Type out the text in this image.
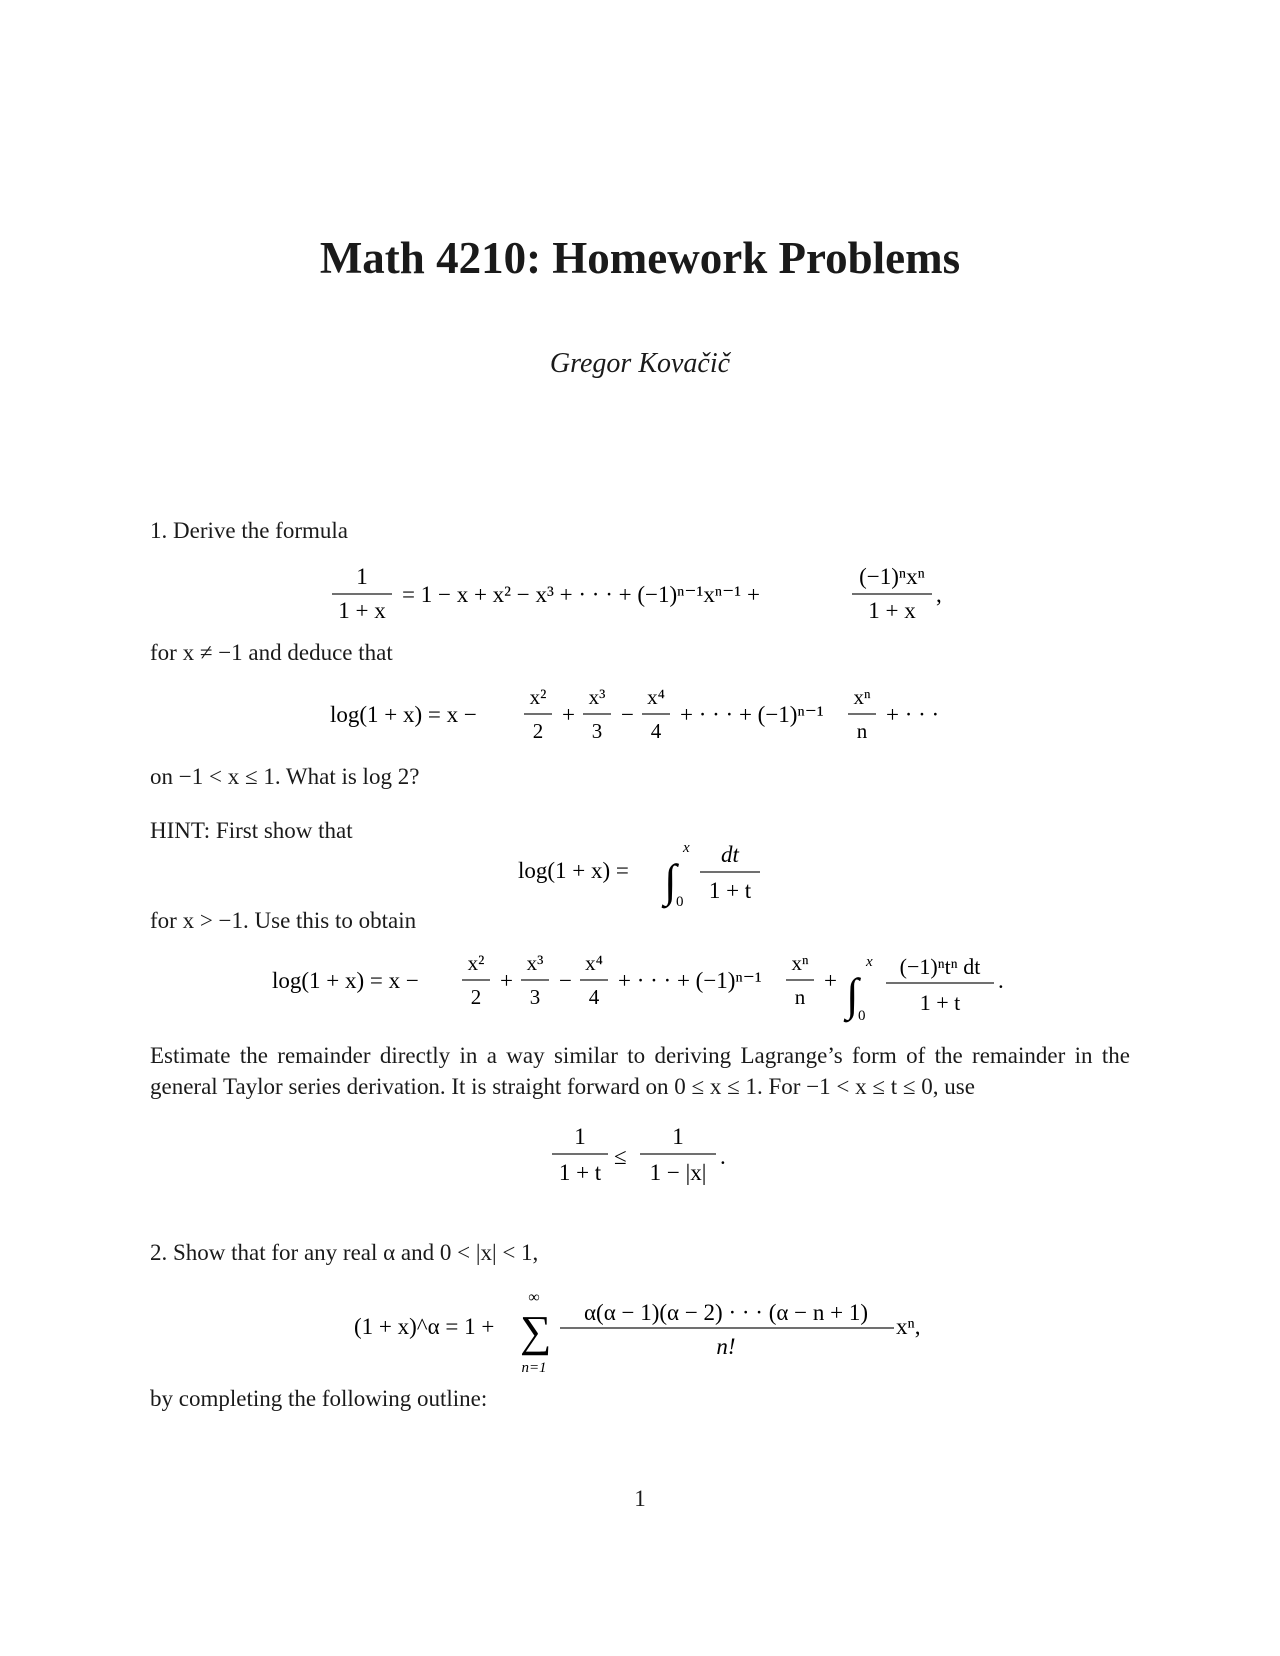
Math 4210: Homework Problems
Gregor Kovačič
1. Derive the formula
1
1 + x
= 1 − x + x² − x³ + · · · + (−1)ⁿ⁻¹xⁿ⁻¹ +
(−1)ⁿxⁿ
1 + x
,
for x ≠ −1 and deduce that
log(1 + x) = x −
x²
2
+
x³
3
−
x⁴
4
+ · · · + (−1)ⁿ⁻¹
xⁿ
n
+ · · ·
on −1 < x ≤ 1. What is log 2?
HINT: First show that
log(1 + x) = ∫
x
0
dt
1 + t
for x > −1. Use this to obtain
log(1 + x) = x −
x²
2
+
x³
3
−
x⁴
4
+ · · · + (−1)ⁿ⁻¹
xⁿ
n
+ ∫
x
0
(−1)ⁿtⁿ dt
1 + t
.
Estimate the remainder directly in a way similar to deriving Lagrange’s form of the remainder in the general Taylor series derivation. It is straight forward on 0 ≤ x ≤ 1. For −1 < x ≤ t ≤ 0, use
1
1 + t
≤
1
1 − |x|
.
2. Show that for any real α and 0 < |x| < 1,
(1 + x)^α = 1 + ∑
∞
n=1
α(α − 1)(α − 2) · · · (α − n + 1)
n!
xⁿ,
by completing the following outline:
1
